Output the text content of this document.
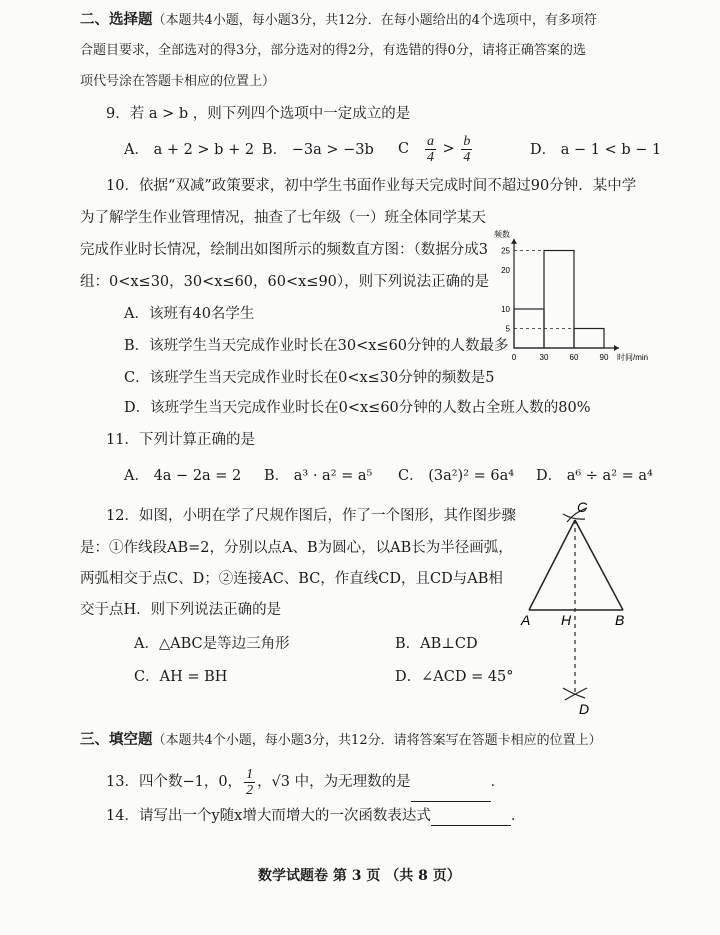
二、选择题（本题共4小题，每小题3分，共12分．在每小题给出的4个选项中，有多项符
合题目要求，全部选对的得3分，部分选对的得2分，有选错的得0分，请将正确答案的选
项代号涂在答题卡相应的位置上）
9．若 a > b ，则下列四个选项中一定成立的是
A． a + 2 > b + 2 B． −3a > −3b C $\frac{a}{4} > \frac{b}{4}$	D． a − 1 < b − 1
10．依据“双减”政策要求，初中学生书面作业每天完成时间不超过90分钟．某中学
为了解学生作业管理情况，抽查了七年级（一）班全体同学某天
完成作业时长情况，绘制出如图所示的频数直方图：（数据分成3
组：0<x≤30，30<x≤60，60<x≤90），则下列说法正确的是
A．该班有40名学生
B．该班学生当天完成作业时长在30<x≤60分钟的人数最多
C．该班学生当天完成作业时长在0<x≤30分钟的频数是5
D．该班学生当天完成作业时长在0<x≤60分钟的人数占全班人数的80%
5
10
20
25
0	30	60	90
频数
时间/min
11．下列计算正确的是
A． 4a − 2a = 2 B． a³ · a² = a⁵ C． (3a²)² = 6a⁴ D． a⁶ ÷ a² = a⁴
12．如图，小明在学了尺规作图后，作了一个图形，其作图步骤
是：①作线段AB=2，分别以点A、B为圆心，以AB长为半径画弧，
两弧相交于点C、D；②连接AC、BC，作直线CD，且CD与AB相
交于点H．则下列说法正确的是
A．△ABC是等边三角形	B．AB⊥CD
C．AH = BH	D．∠ACD = 45°
C
A H	B
D
三、填空题（本题共4个小题，每小题3分，共12分．请将答案写在答题卡相应的位置上）
13．四个数−1，0， $\frac{1}{2}$ ，√3 中，为无理数的是	．
14．请写出一个y随x增大而增大的一次函数表达式	．
数学试题卷 第 3 页 （共 8 页）
